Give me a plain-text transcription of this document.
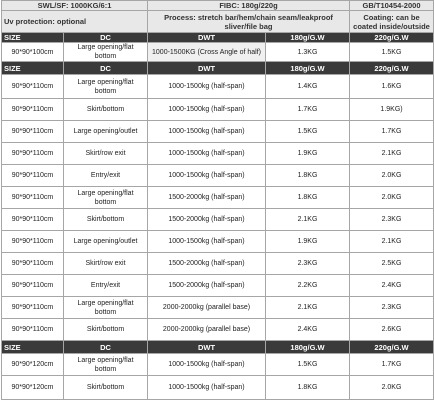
SWL/SF: 1000KG/6:1		FIBC: 180g/220g		GB/T10454-2000
Uv protection: optional		Process: stretch bar/hem/chain seam/leakproof sliver/file bag		Coating: can be coated inside/outside
SIZE	DC	DWT	180g/G.W	220g/G.W
90*90*100cm	Large opening/flat bottom	1000-1500KG (Cross Angle of half)	1.3KG	1.5KG
SIZE	DC	DWT	180g/G.W	220g/G.W
90*90*110cm	Large opening/flat bottom	1000-1500kg (half-span)	1.4KG	1.6KG
90*90*110cm	Skirt/bottom	1000-1500kg (half-span)	1.7KG	1.9KG)
90*90*110cm	Large opening/outlet	1000-1500kg (half-span)	1.5KG	1.7KG
90*90*110cm	Skirt/row exit	1000-1500kg (half-span)	1.9KG	2.1KG
90*90*110cm	Entry/exit	1000-1500kg (half-span)	1.8KG	2.0KG
90*90*110cm	Large opening/flat bottom	1500-2000kg (half-span)	1.8KG	2.0KG
90*90*110cm	Skirt/bottom	1500-2000kg (half-span)	2.1KG	2.3KG
90*90*110cm	Large opening/outlet	1000-1500kg (half-span)	1.9KG	2.1KG
90*90*110cm	Skirt/row exit	1500-2000kg (half-span)	2.3KG	2.5KG
90*90*110cm	Entry/exit	1500-2000kg (half-span)	2.2KG	2.4KG
90*90*110cm	Large opening/flat bottom	2000-2000kg (parallel base)	2.1KG	2.3KG
90*90*110cm	Skirt/bottom	2000-2000kg (parallel base)	2.4KG	2.6KG
SIZE	DC	DWT	180g/G.W	220g/G.W
90*90*120cm	Large opening/flat bottom	1000-1500kg (half-span)	1.5KG	1.7KG
90*90*120cm	Skirt/bottom	1000-1500kg (half-span)	1.8KG	2.0KG
